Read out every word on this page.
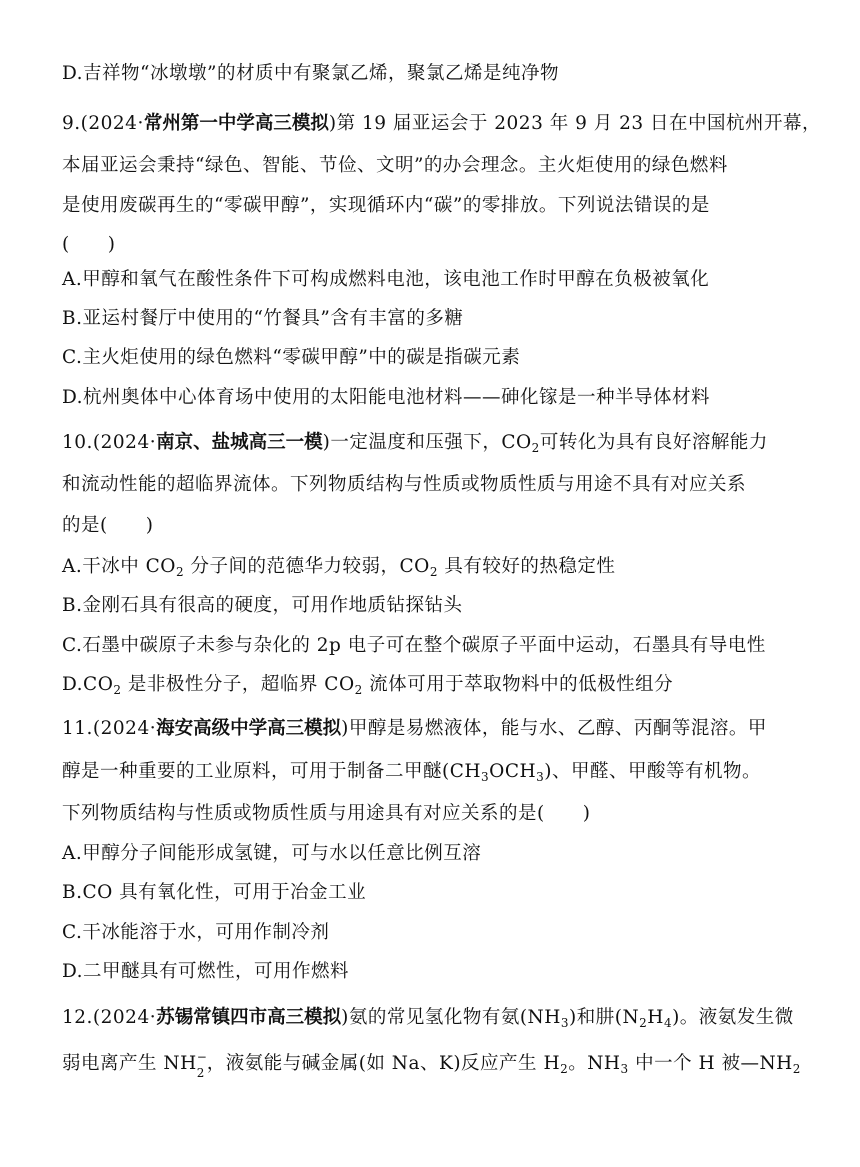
D.吉祥物“冰墩墩”的材质中有聚氯乙烯，聚氯乙烯是纯净物
9.(2024·常州第一中学高三模拟)第 19 届亚运会于 2023 年 9 月 23 日在中国杭州开幕，
本届亚运会秉持“绿色、智能、节俭、文明”的办会理念。主火炬使用的绿色燃料
是使用废碳再生的“零碳甲醇”，实现循环内“碳”的零排放。下列说法错误的是
(　　)
A.甲醇和氧气在酸性条件下可构成燃料电池，该电池工作时甲醇在负极被氧化
B.亚运村餐厅中使用的“竹餐具”含有丰富的多糖
C.主火炬使用的绿色燃料“零碳甲醇”中的碳是指碳元素
D.杭州奥体中心体育场中使用的太阳能电池材料——砷化镓是一种半导体材料
10.(2024·南京、盐城高三一模)一定温度和压强下，$CO_2$可转化为具有良好溶解能力
和流动性能的超临界流体。下列物质结构与性质或物质性质与用途不具有对应关系
的是(　　)
A.干冰中 $CO_2$ 分子间的范德华力较弱，$CO_2$ 具有较好的热稳定性
B.金刚石具有很高的硬度，可用作地质钻探钻头
C.石墨中碳原子未参与杂化的 2p 电子可在整个碳原子平面中运动，石墨具有导电性
$D.CO_2$ 是非极性分子，超临界 $CO_2$ 流体可用于萃取物料中的低极性组分
11.(2024·海安高级中学高三模拟)甲醇是易燃液体，能与水、乙醇、丙酮等混溶。甲
醇是一种重要的工业原料，可用于制备二甲醚$(CH_3OCH_3)$、甲醛、甲酸等有机物。
下列物质结构与性质或物质性质与用途具有对应关系的是(　　)
A.甲醇分子间能形成氢键，可与水以任意比例互溶
B.CO 具有氧化性，可用于冶金工业
C.干冰能溶于水，可用作制冷剂
D.二甲醚具有可燃性，可用作燃料
12.(2024·苏锡常镇四市高三模拟)氨的常见氢化物有氨$(NH_3)$和肼$(N_2H_4)$。液氨发生微
弱电离产生 NH −
2 ，液氨能与碱金属(如 Na、K)反应产生 $H_2$。$NH_3$ 中一个 H 被$—NH_2$
